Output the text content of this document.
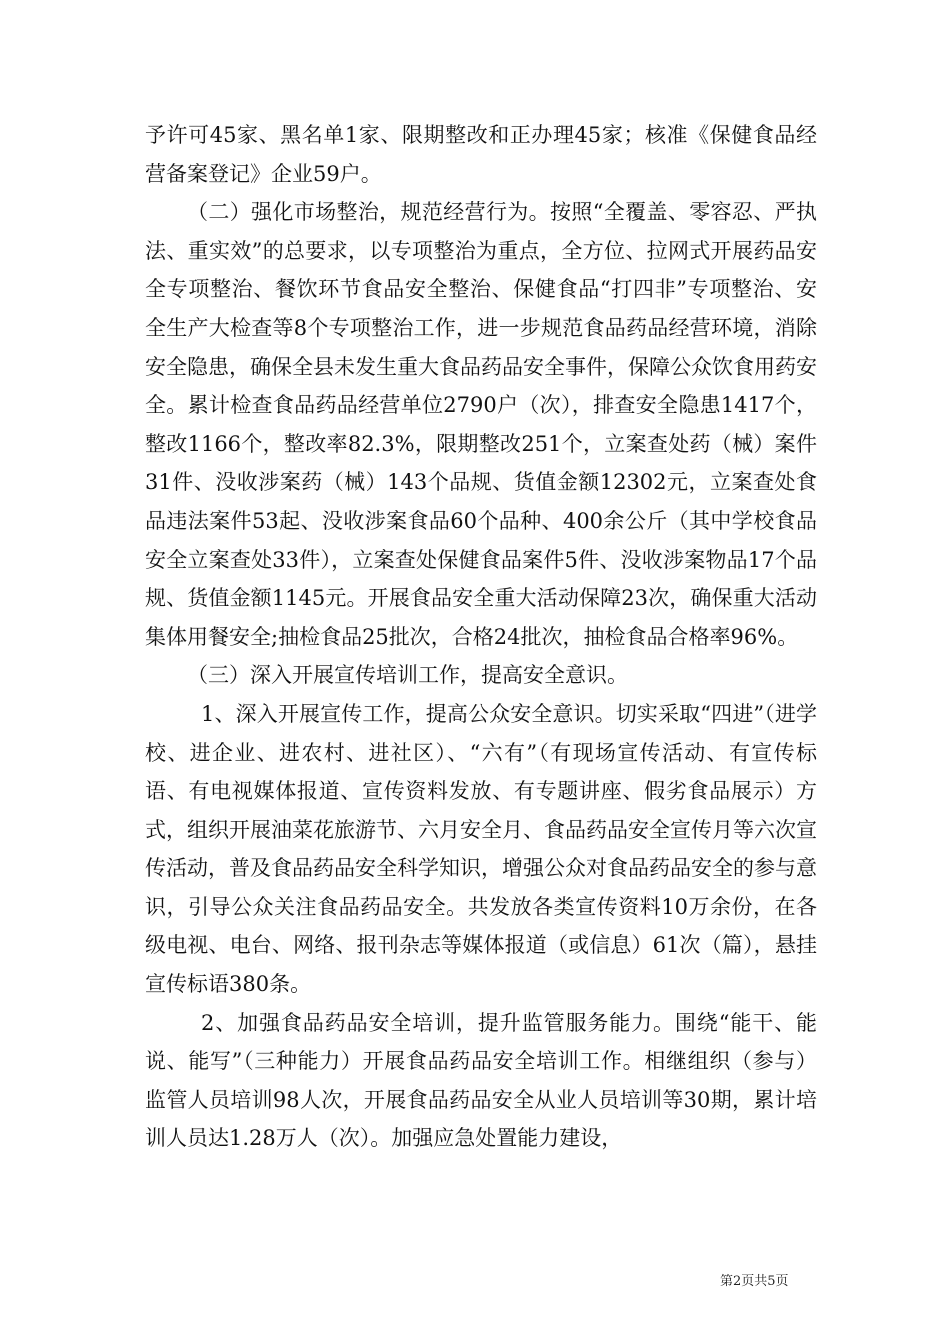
予许可45家、黑名单1家、限期整改和正办理45家；核准《保健食品经营备案登记》企业59户。

（二）强化市场整治，规范经营行为。按照“全覆盖、零容忍、严执法、重实效”的总要求，以专项整治为重点，全方位、拉网式开展药品安全专项整治、餐饮环节食品安全整治、保健食品“打四非”专项整治、安全生产大检查等8个专项整治工作，进一步规范食品药品经营环境，消除安全隐患，确保全县未发生重大食品药品安全事件，保障公众饮食用药安全。累计检查食品药品经营单位2790户（次），排查安全隐患1417个，整改1166个，整改率82.3%，限期整改251个，立案查处药（械）案件31件、没收涉案药（械）143个品规、货值金额12302元，立案查处食品违法案件53起、没收涉案食品60个品种、400余公斤（其中学校食品安全立案查处33件），立案查处保健食品案件5件、没收涉案物品17个品规、货值金额1145元。开展食品安全重大活动保障23次，确保重大活动集体用餐安全;抽检食品25批次，合格24批次，抽检食品合格率96%。

（三）深入开展宣传培训工作，提高安全意识。

1、深入开展宣传工作，提高公众安全意识。切实采取“四进”（进学校、进企业、进农村、进社区）、“六有”（有现场宣传活动、有宣传标语、有电视媒体报道、宣传资料发放、有专题讲座、假劣食品展示）方式，组织开展油菜花旅游节、六月安全月、食品药品安全宣传月等六次宣传活动，普及食品药品安全科学知识，增强公众对食品药品安全的参与意识，引导公众关注食品药品安全。共发放各类宣传资料10万余份，在各级电视、电台、网络、报刊杂志等媒体报道（或信息）61次（篇），悬挂宣传标语380条。

2、加强食品药品安全培训，提升监管服务能力。围绕“能干、能说、能写”（三种能力）开展食品药品安全培训工作。相继组织（参与）监管人员培训98人次，开展食品药品安全从业人员培训等30期，累计培训人员达1.28万人（次）。加强应急处置能力建设，

第2页共5页
